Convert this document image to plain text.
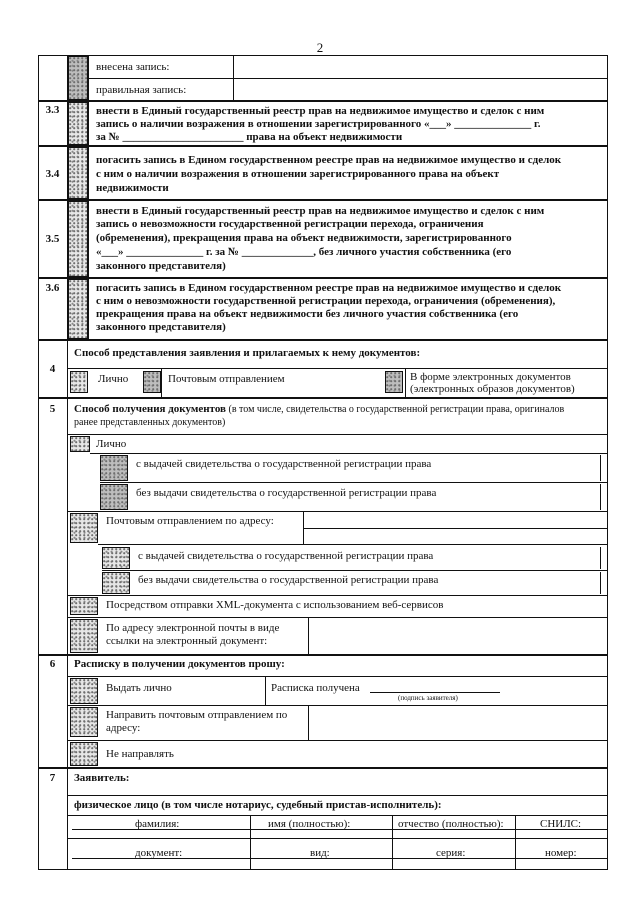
2
внесена запись:
правильная запись:
3.3	внести в Единый государственный реестр прав на недвижимое имущество и сделок с ним
запись о наличии возражения в отношении зарегистрированного «___» ______________ г.
за № ______________________ права на объект недвижимости
3.4
погасить запись в Едином государственном реестре прав на недвижимое имущество и сделок
с ним о наличии возражения в отношении зарегистрированного права на объект
недвижимости
3.5
внести в Единый государственный реестр прав на недвижимое имущество и сделок с ним
запись о невозможности государственной регистрации перехода, ограничения
(обременения), прекращения права на объект недвижимости, зарегистрированного
«___» ______________ г. за № _____________, без личного участия собственника (его
законного представителя)
3.6	погасить запись в Едином государственном реестре прав на недвижимое имущество и сделок
с ним о невозможности государственной регистрации перехода, ограничения (обременения),
прекращения права на объект недвижимости без личного участия собственника (его
законного представителя)
4
Способ представления заявления и прилагаемых к нему документов:
Лично	Почтовым отправлением	В форме электронных документов
(электронных образов документов)
5	Способ получения документов (в том числе, свидетельства о государственной регистрации права, оригиналов
ранее представленных документов)
Лично
с выдачей свидетельства о государственной регистрации права
без выдачи свидетельства о государственной регистрации права
Почтовым отправлением по адресу:
с выдачей свидетельства о государственной регистрации права
без выдачи свидетельства о государственной регистрации права
Посредством отправки XML-документа с использованием веб-сервисов
По адресу электронной почты в виде
ссылки на электронный документ:
6	Расписку в получении документов прошу:
Выдать лично	Расписка получена
(подпись заявителя)
Направить почтовым отправлением по
адресу:
Не направлять
7	Заявитель:
физическое лицо (в том числе нотариус, судебный пристав-исполнитель):
фамилия:	имя (полностью):	отчество (полностью):	СНИЛС:
документ:	вид:	серия:	номер:
